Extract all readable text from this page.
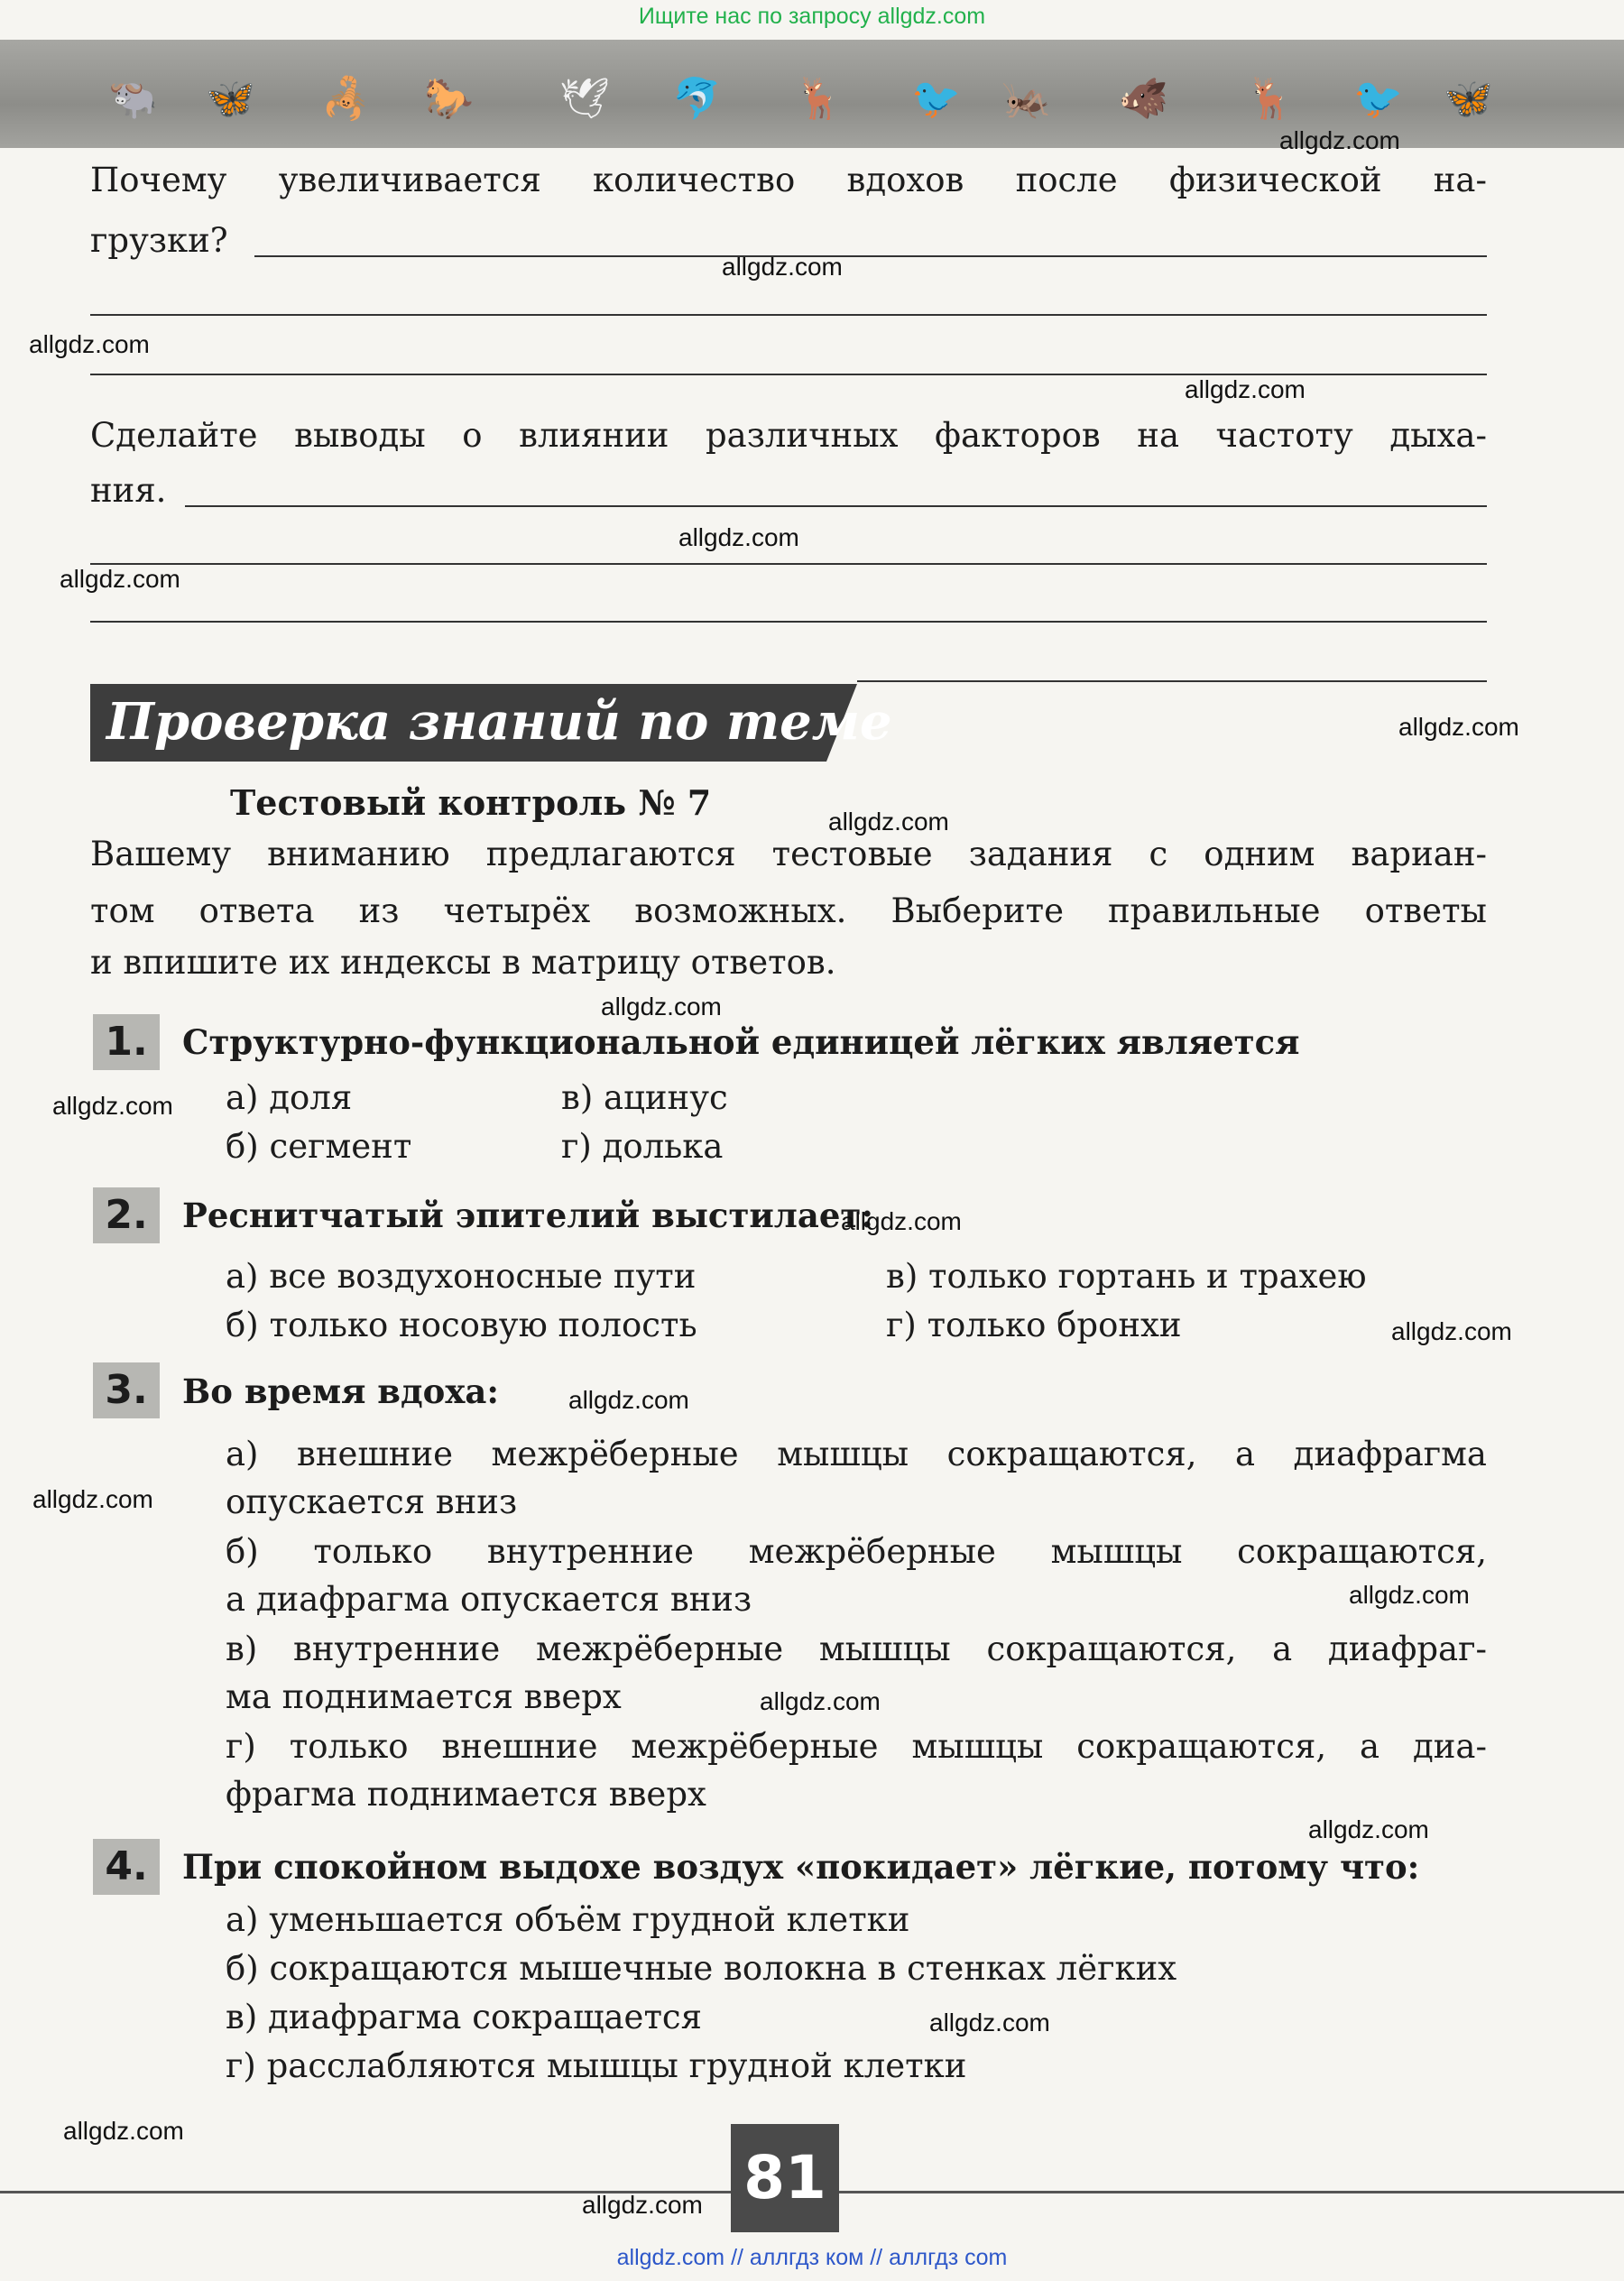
Ищите нас по запросу allgdz.com
🐃 🦋 🦂 🐎 🕊 🐬 🦌 🐦 🦗 🐗 🦌 🐦 🦋
Почему увеличивается количество вдохов после физической на-
грузки?
Сделайте выводы о влиянии различных факторов на частоту дыха-
ния.
Проверка знаний по теме
Тестовый контроль № 7
Вашему вниманию предлагаются тестовые задания с одним вариан-
том ответа из четырёх возможных. Выберите правильные ответы
и впишите их индексы в матрицу ответов.
1.	Структурно-функциональной единицей лёгких является
а) доля	в) ацинус
б) сегмент	г) долька
2.	Реснитчатый эпителий выстилает:
а) все воздухоносные пути	в) только гортань и трахею
б) только носовую полость	г) только бронхи
3.	Во время вдоха:
а) внешние межрёберные мышцы сокращаются, а диафрагма
опускается вниз
б) только внутренние межрёберные мышцы сокращаются,
а диафрагма опускается вниз
в) внутренние межрёберные мышцы сокращаются, а диафраг-
ма поднимается вверх
г) только внешние межрёберные мышцы сокращаются, а диа-
фрагма поднимается вверх
4.	При спокойном выдохе воздух «покидает» лёгкие, потому что:
а) уменьшается объём грудной клетки
б) сокращаются мышечные волокна в стенках лёгких
в) диафрагма сокращается
г) расслабляются мышцы грудной клетки
allgdz.com
allgdz.com
allgdz.com
allgdz.com
allgdz.com
allgdz.com
allgdz.com
allgdz.com
allgdz.com
allgdz.com
allgdz.com
allgdz.com
allgdz.com
allgdz.com
allgdz.com
allgdz.com
allgdz.com
allgdz.com
allgdz.com
allgdz.com 81
allgdz.com // аллгдз ком // аллгдз com
